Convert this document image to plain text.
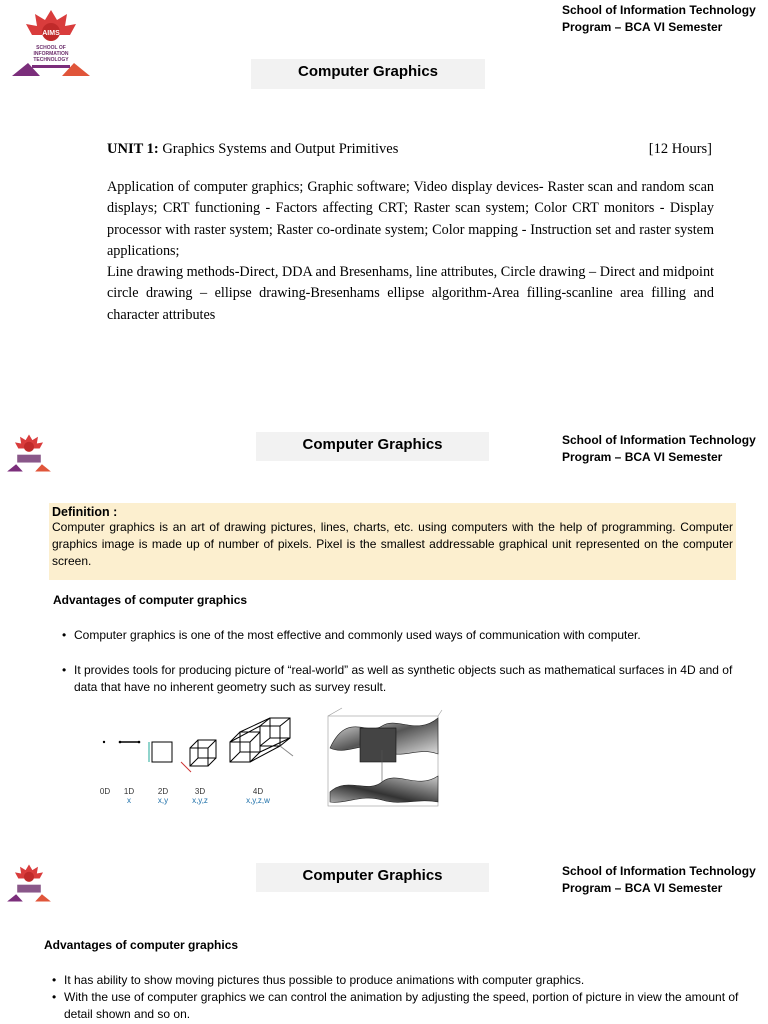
AIMS
SCHOOL OF
INFORMATION
TECHNOLOGY
School of Information Technology
Program – BCA VI Semester
Computer Graphics
UNIT 1: Graphics Systems and Output Primitives	[12 Hours]

Application of computer graphics; Graphic software; Video display devices- Raster scan and random scan displays; CRT functioning - Factors affecting CRT; Raster scan system; Color CRT monitors - Display processor with raster system; Raster co-ordinate system; Color mapping - Instruction set and raster system applications;

Line drawing methods-Direct, DDA and Bresenhams, line attributes, Circle drawing – Direct and midpoint circle drawing – ellipse drawing-Bresenhams ellipse algorithm-Area filling-scanline area filling and character attributes

Computer Graphics	School of Information Technology
Program – BCA VI Semester
Definition :
Computer graphics is an art of drawing pictures, lines, charts, etc. using computers with the help of programming. Computer graphics image is made up of number of pixels. Pixel is the smallest addressable graphical unit represented on the computer screen.
Advantages of computer graphics
• Computer graphics is one of the most effective and commonly used ways of communication with computer.
• It provides tools for producing picture of “real-world” as well as synthetic objects such as mathematical surfaces in 4D and of data that have no inherent geometry such as survey result.
0D	1D
x
2D
x,y
3D
x,y,z
4D
x,y,z,w
Computer Graphics	School of Information Technology
Program – BCA VI Semester
Advantages of computer graphics
• It has ability to show moving pictures thus possible to produce animations with computer graphics.
• With the use of computer graphics we can control the animation by adjusting the speed, portion of picture in view the amount of detail shown and so on.
